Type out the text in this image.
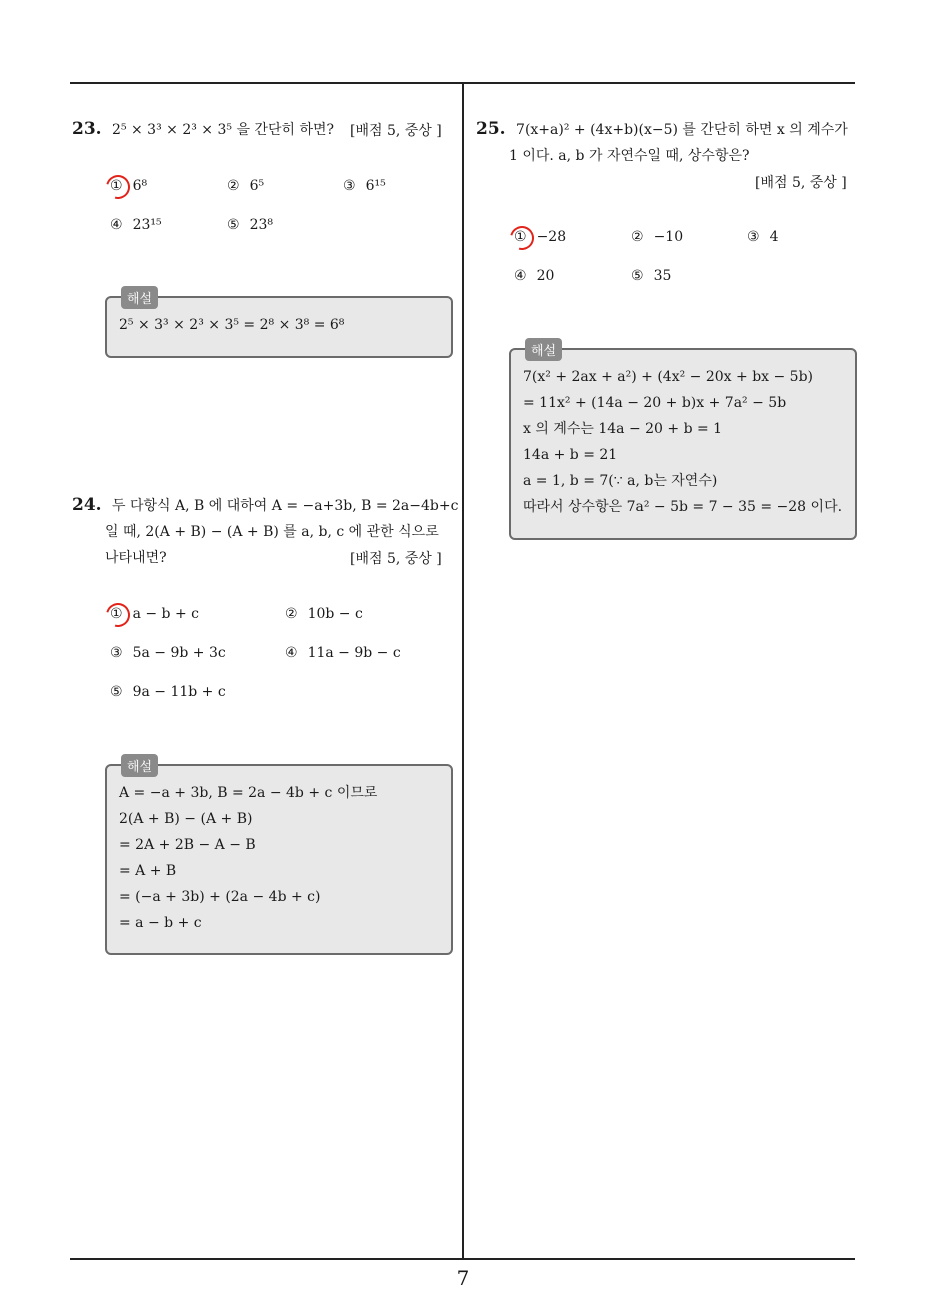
7
23. 2⁵ × 3³ × 2³ × 3⁵ 을 간단히 하면? [배점 5, 중상 ]
① 6⁸	② 6⁵	③ 6¹⁵
④ 23¹⁵	⑤ 23⁸
해설
2⁵ × 3³ × 2³ × 3⁵ = 2⁸ × 3⁸ = 6⁸
24. 두 다항식 A, B 에 대하여 A = −a+3b, B = 2a−4b+c
일 때, 2(A + B) − (A + B) 를 a, b, c 에 관한 식으로
나타내면?	[배점 5, 중상 ]
① a − b + c	② 10b − c
③ 5a − 9b + 3c	④ 11a − 9b − c
⑤ 9a − 11b + c
해설
A = −a + 3b, B = 2a − 4b + c 이므로
2(A + B) − (A + B)
= 2A + 2B − A − B
= A + B
= (−a + 3b) + (2a − 4b + c)
= a − b + c
25. 7(x+a)² + (4x+b)(x−5) 를 간단히 하면 x 의 계수가
1 이다. a, b 가 자연수일 때, 상수항은?
[배점 5, 중상 ]
① −28	② −10	③ 4
④ 20	⑤ 35
해설
7(x² + 2ax + a²) + (4x² − 20x + bx − 5b)
= 11x² + (14a − 20 + b)x + 7a² − 5b
x 의 계수는 14a − 20 + b = 1
14a + b = 21
a = 1, b = 7(∵ a, b는 자연수)
따라서 상수항은 7a² − 5b = 7 − 35 = −28 이다.
